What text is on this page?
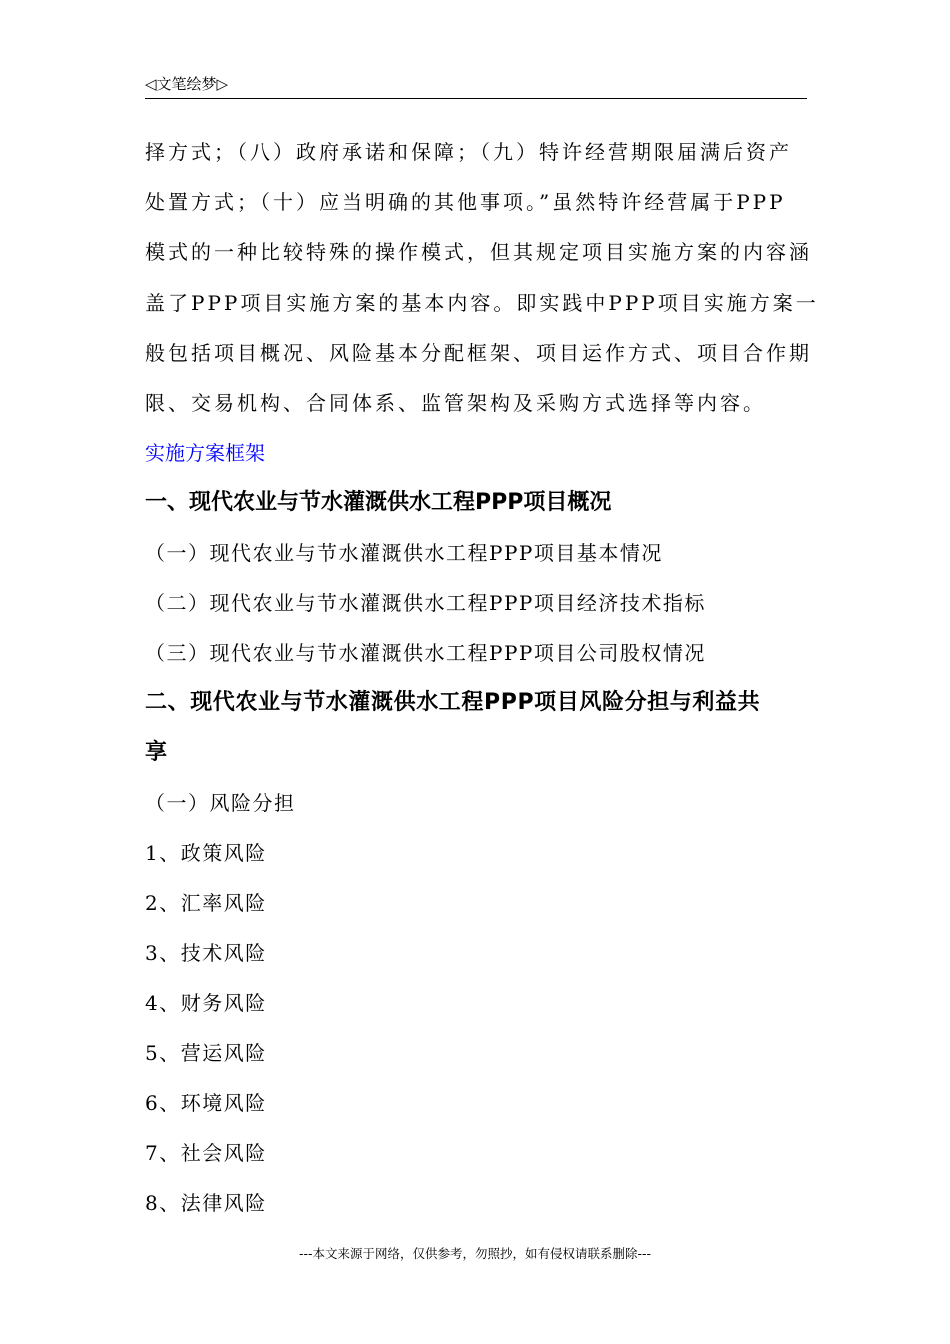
◁文笔绘梦▷
择方式；（八）政府承诺和保障；（九）特许经营期限届满后资产
处置方式；（十）应当明确的其他事项。”虽然特许经营属于PPP
模式的一种比较特殊的操作模式，但其规定项目实施方案的内容涵
盖了PPP项目实施方案的基本内容。即实践中PPP项目实施方案一
般包括项目概况、风险基本分配框架、项目运作方式、项目合作期
限、交易机构、合同体系、监管架构及采购方式选择等内容。

实施方案框架

一、现代农业与节水灌溉供水工程PPP项目概况

（一）现代农业与节水灌溉供水工程PPP项目基本情况

（二）现代农业与节水灌溉供水工程PPP项目经济技术指标

（三）现代农业与节水灌溉供水工程PPP项目公司股权情况

二、现代农业与节水灌溉供水工程PPP项目风险分担与利益共
享

（一）风险分担

1、政策风险

2、汇率风险

3、技术风险

4、财务风险

5、营运风险

6、环境风险

7、社会风险

8、法律风险

---本文来源于网络，仅供参考，勿照抄，如有侵权请联系删除---
